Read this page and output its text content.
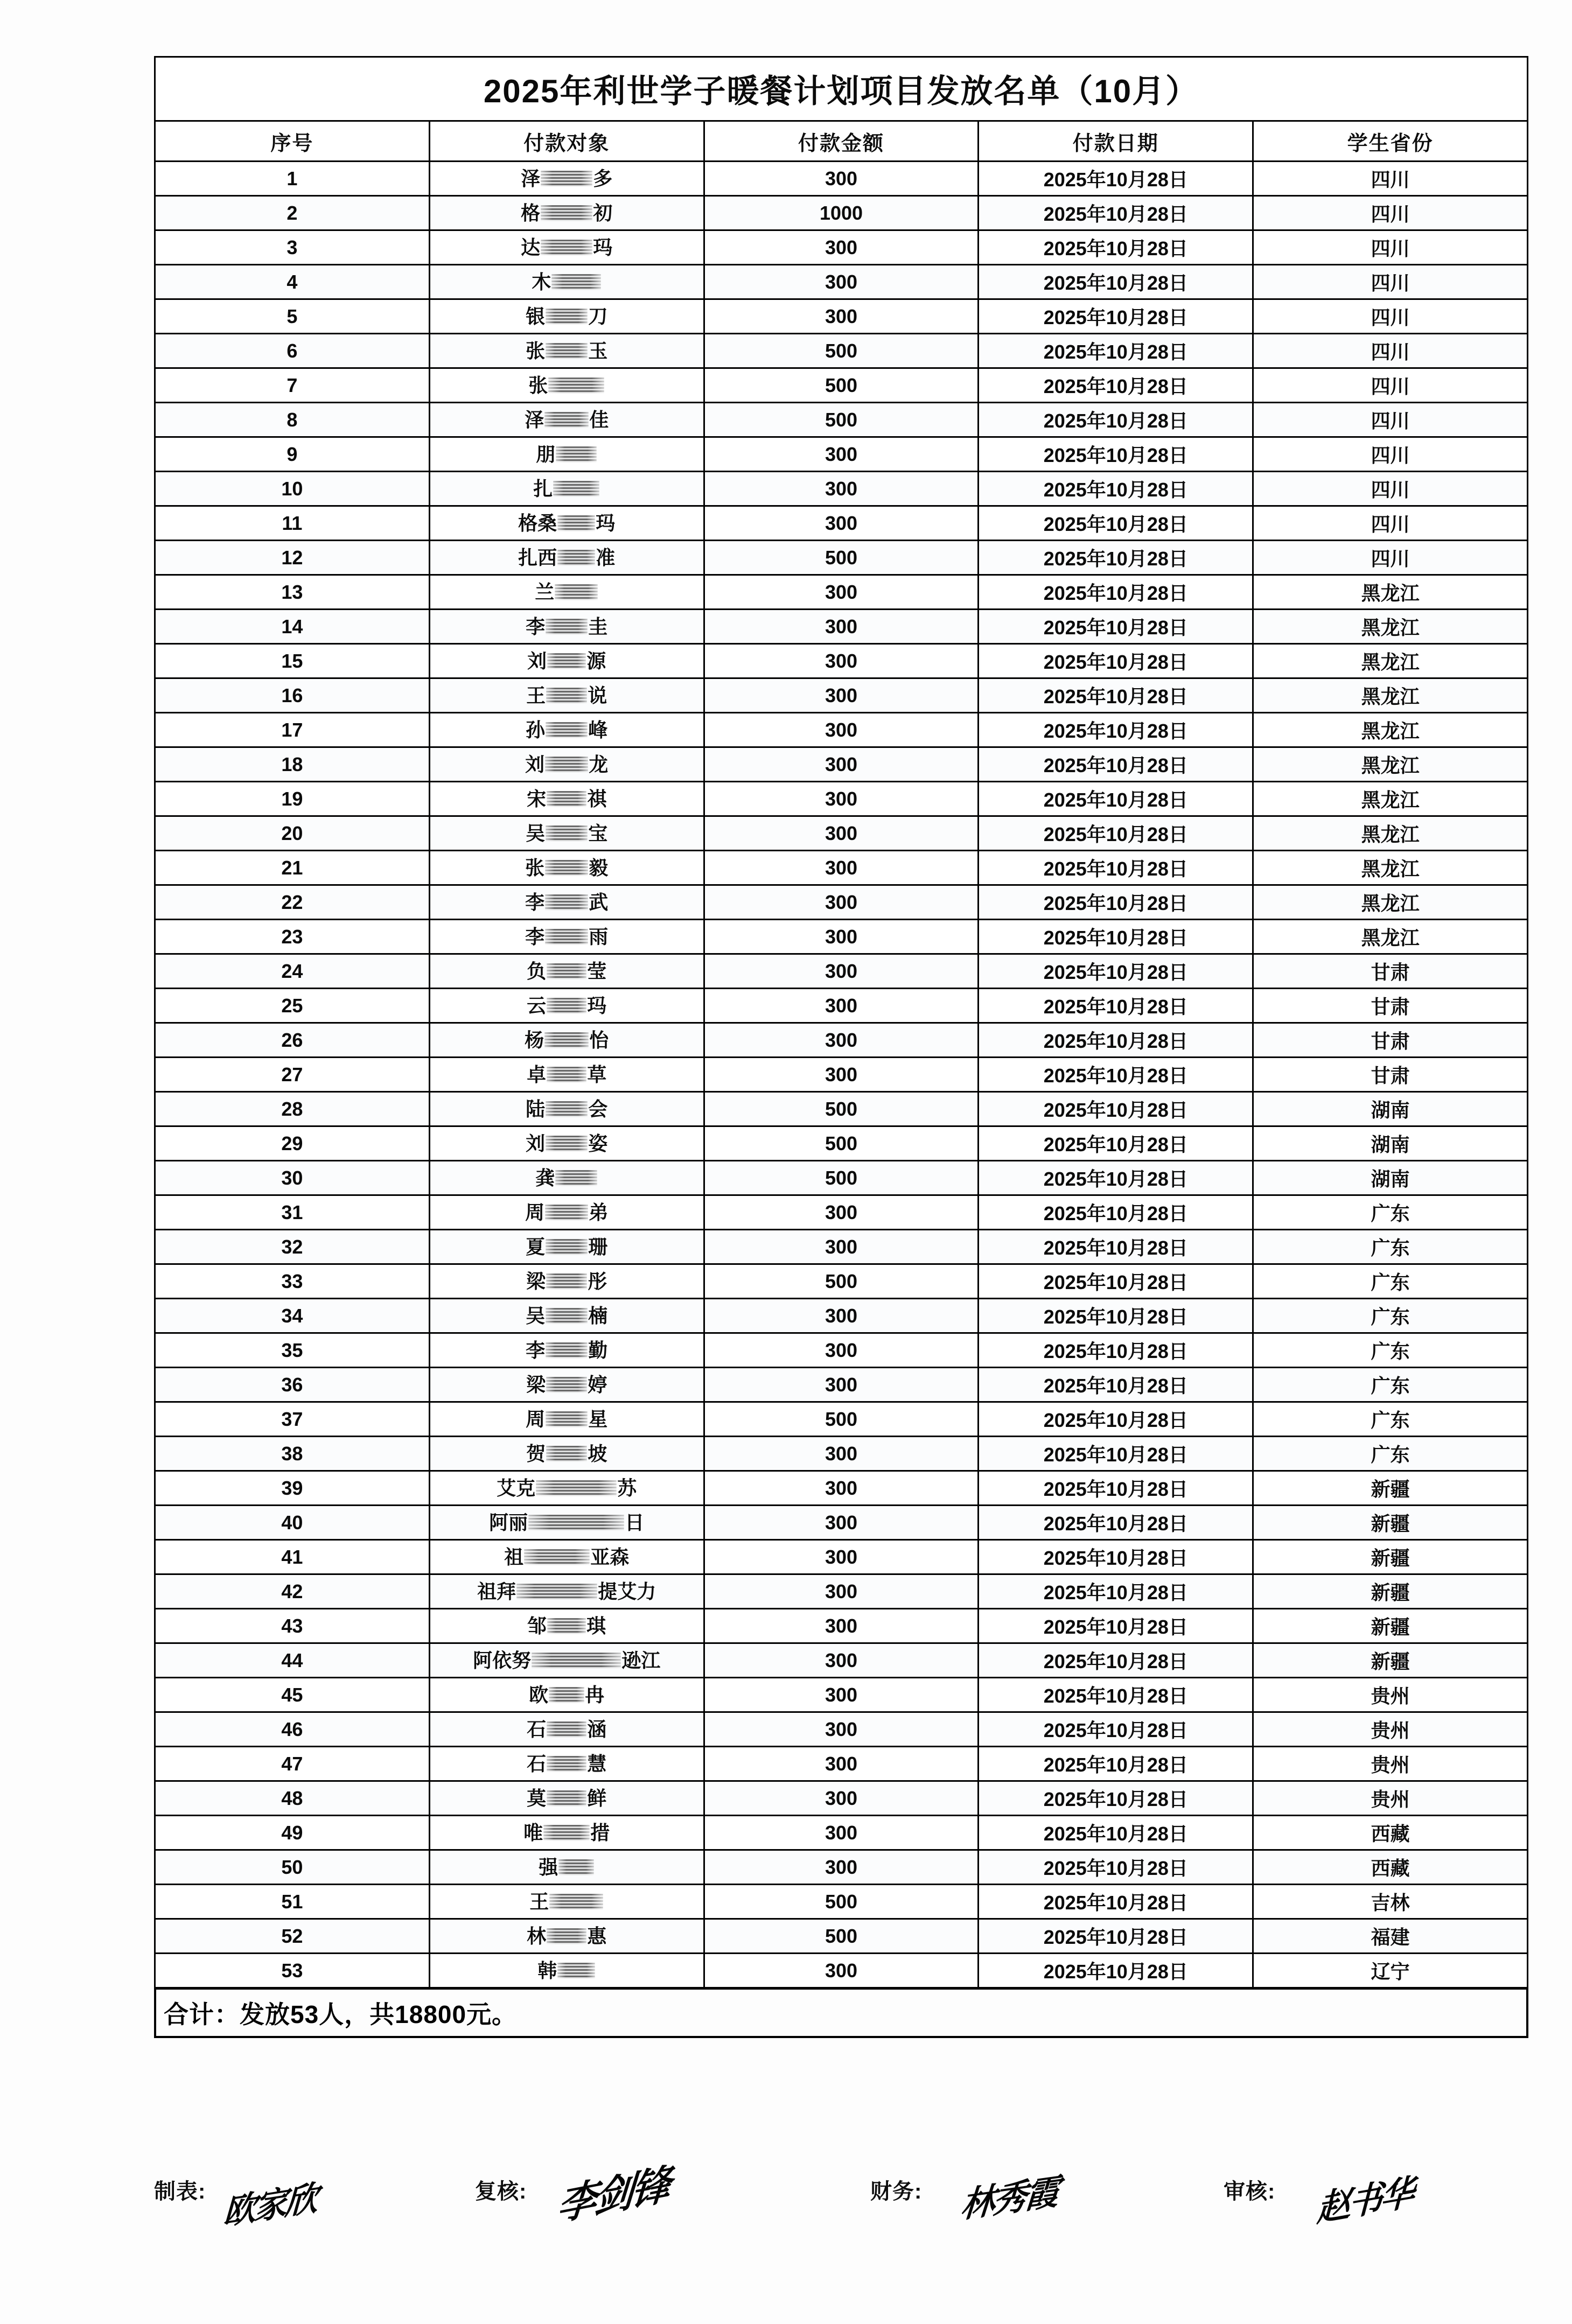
2025年利世学子暖餐计划项目发放名单（10月）				
序号	付款对象	付款金额	付款日期	学生省份
1	泽 多	300	2025年10月28日	四川
2	格 初	1000	2025年10月28日	四川
3	达 玛	300	2025年10月28日	四川
4	木	300	2025年10月28日	四川
5	银 刀	300	2025年10月28日	四川
6	张 玉	500	2025年10月28日	四川
7	张	500	2025年10月28日	四川
8	泽 佳	500	2025年10月28日	四川
9	朋	300	2025年10月28日	四川
10	扎	300	2025年10月28日	四川
11	格桑 玛	300	2025年10月28日	四川
12	扎西 准	500	2025年10月28日	四川
13	兰	300	2025年10月28日	黑龙江
14	李 圭	300	2025年10月28日	黑龙江
15	刘 源	300	2025年10月28日	黑龙江
16	王 说	300	2025年10月28日	黑龙江
17	孙 峰	300	2025年10月28日	黑龙江
18	刘 龙	300	2025年10月28日	黑龙江
19	宋 祺	300	2025年10月28日	黑龙江
20	吴 宝	300	2025年10月28日	黑龙江
21	张 毅	300	2025年10月28日	黑龙江
22	李 武	300	2025年10月28日	黑龙江
23	李 雨	300	2025年10月28日	黑龙江
24	负 莹	300	2025年10月28日	甘肃
25	云 玛	300	2025年10月28日	甘肃
26	杨 怡	300	2025年10月28日	甘肃
27	卓 草	300	2025年10月28日	甘肃
28	陆 会	500	2025年10月28日	湖南
29	刘 姿	500	2025年10月28日	湖南
30	龚	500	2025年10月28日	湖南
31	周 弟	300	2025年10月28日	广东
32	夏 珊	300	2025年10月28日	广东
33	梁 彤	500	2025年10月28日	广东
34	吴 楠	300	2025年10月28日	广东
35	李 勤	300	2025年10月28日	广东
36	梁 婷	300	2025年10月28日	广东
37	周 星	500	2025年10月28日	广东
38	贺 坡	300	2025年10月28日	广东
39	艾克 苏	300	2025年10月28日	新疆
40	阿丽 日	300	2025年10月28日	新疆
41	祖 亚森	300	2025年10月28日	新疆
42	祖拜 提艾力	300	2025年10月28日	新疆
43	邹 琪	300	2025年10月28日	新疆
44	阿依努 逊江	300	2025年10月28日	新疆
45	欧 冉	300	2025年10月28日	贵州
46	石 涵	300	2025年10月28日	贵州
47	石 慧	300	2025年10月28日	贵州
48	莫 鲜	300	2025年10月28日	贵州
49	唯 措	300	2025年10月28日	西藏
50	强	300	2025年10月28日	西藏
51	王	500	2025年10月28日	吉林
52	林 惠	500	2025年10月28日	福建
53	韩	300	2025年10月28日	辽宁
合计：发放53人，共18800元。
制表: 欧家欣	复核: 李剑锋	财务: 林秀霞	审核: 赵书华
